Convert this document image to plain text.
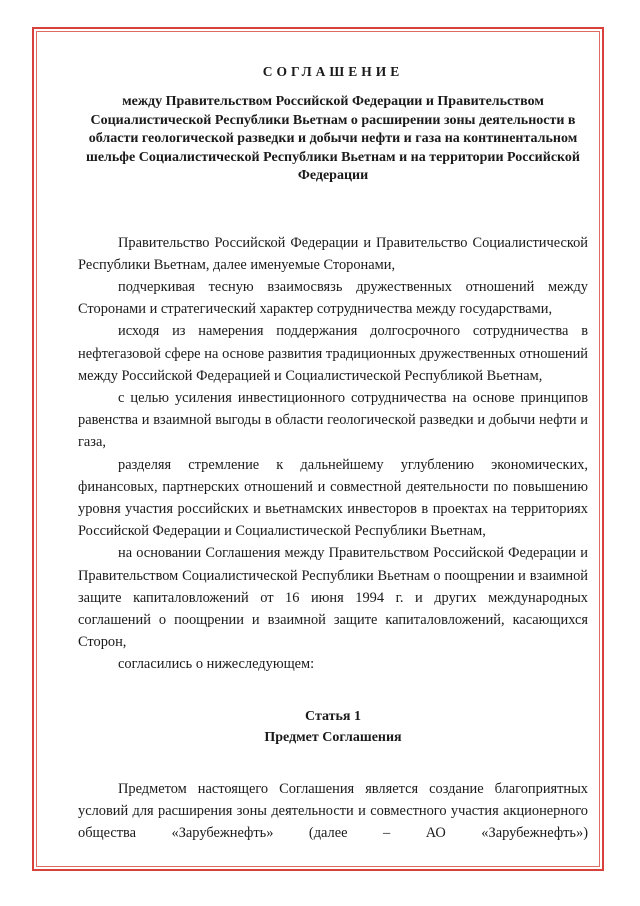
СОГЛАШЕНИЕ

между Правительством Российской Федерации и Правительством Социалистической Республики Вьетнам о расширении зоны деятельности в области геологической разведки и добычи нефти и газа на континентальном шельфе Социалистической Республики Вьетнам и на территории Российской Федерации

Правительство Российской Федерации и Правительство Социалистической Республики Вьетнам, далее именуемые Сторонами,

подчеркивая тесную взаимосвязь дружественных отношений между Сторонами и стратегический характер сотрудничества между государствами,

исходя из намерения поддержания долгосрочного сотрудничества в нефтегазовой сфере на основе развития традиционных дружественных отношений между Российской Федерацией и Социалистической Республикой Вьетнам,

с целью усиления инвестиционного сотрудничества на основе принципов равенства и взаимной выгоды в области геологической разведки и добычи нефти и газа,

разделяя стремление к дальнейшему углублению экономических, финансовых, партнерских отношений и совместной деятельности по повышению уровня участия российских и вьетнамских инвесторов в проектах на территориях Российской Федерации и Социалистической Республики Вьетнам,

на основании Соглашения между Правительством Российской Федерации и Правительством Социалистической Республики Вьетнам о поощрении и взаимной защите капиталовложений от 16 июня 1994 г. и других международных соглашений о поощрении и взаимной защите капиталовложений, касающихся Сторон,

согласились о нижеследующем:

Статья 1
Предмет Соглашения

Предметом настоящего Соглашения является создание благоприятных условий для расширения зоны деятельности и совместного участия акционерного общества «Зарубежнефть» (далее – АО «Зарубежнефть»)
